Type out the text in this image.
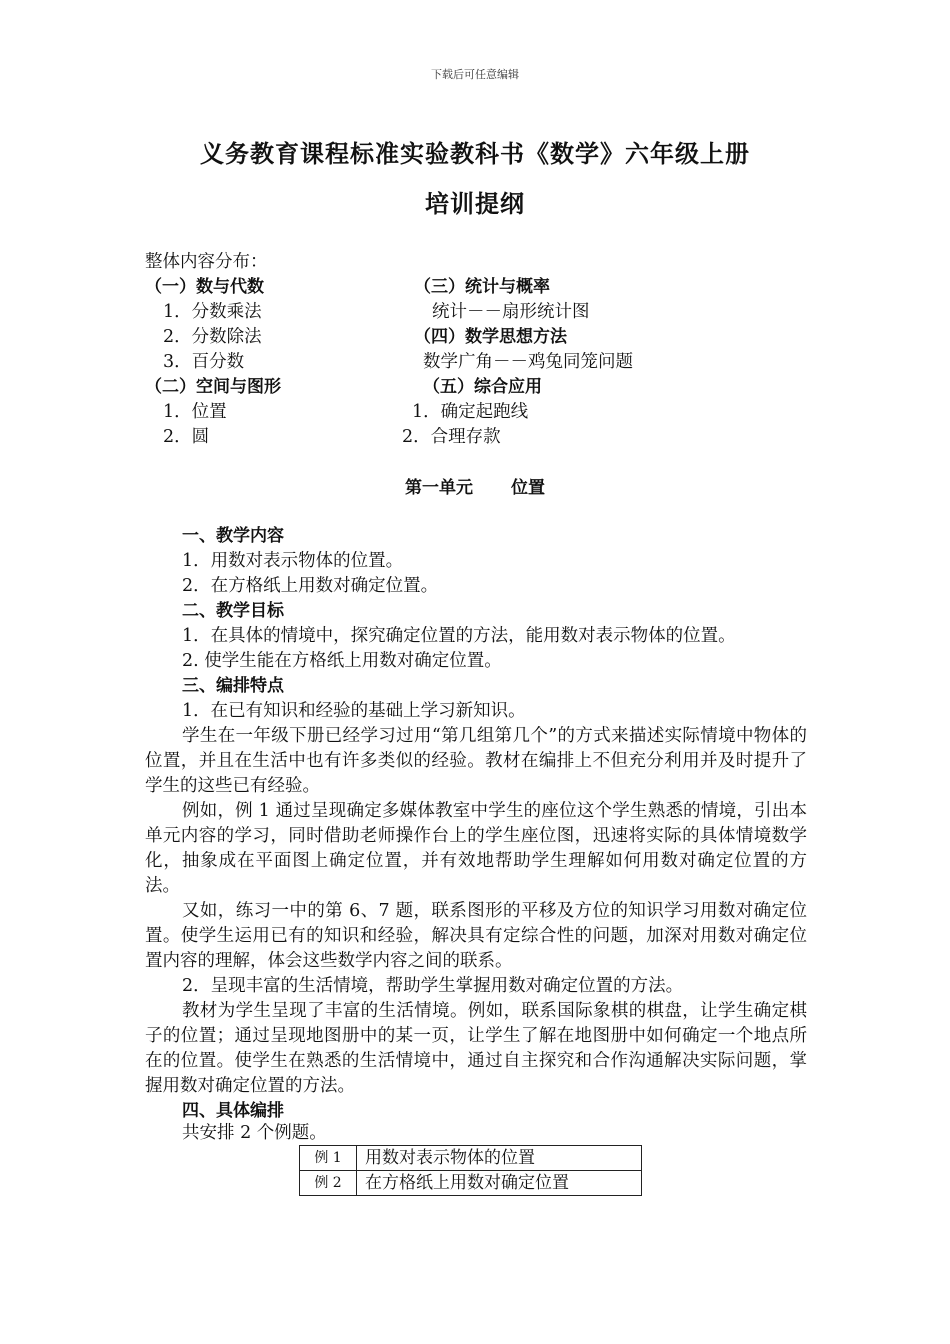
下载后可任意编辑
义务教育课程标准实验教科书《数学》六年级上册
培训提纲
整体内容分布：
（一）数与代数
1．分数乘法
2．分数除法
3．百分数
（二）空间与图形
1．位置
2．圆
（三）统计与概率
统计－－扇形统计图
（四）数学思想方法
数学广角－－鸡兔同笼问题
（五）综合应用
1．确定起跑线
2．合理存款
第一单元 位置
一、教学内容
1．用数对表示物体的位置。
2．在方格纸上用数对确定位置。
二、教学目标
1．在具体的情境中，探究确定位置的方法，能用数对表示物体的位置。
2. 使学生能在方格纸上用数对确定位置。
三、编排特点
1．在已有知识和经验的基础上学习新知识。

学生在一年级下册已经学习过用“第几组第几个”的方式来描述实际情境中物体的位置，并且在生活中也有许多类似的经验。教材在编排上不但充分利用并及时提升了学生的这些已有经验。

例如，例 1 通过呈现确定多媒体教室中学生的座位这个学生熟悉的情境，引出本单元内容的学习，同时借助老师操作台上的学生座位图，迅速将实际的具体情境数学化，抽象成在平面图上确定位置，并有效地帮助学生理解如何用数对确定位置的方法。

又如，练习一中的第 6、7 题，联系图形的平移及方位的知识学习用数对确定位置。使学生运用已有的知识和经验，解决具有定综合性的问题，加深对用数对确定位置内容的理解，体会这些数学内容之间的联系。

2．呈现丰富的生活情境，帮助学生掌握用数对确定位置的方法。

教材为学生呈现了丰富的生活情境。例如，联系国际象棋的棋盘，让学生确定棋子的位置；通过呈现地图册中的某一页，让学生了解在地图册中如何确定一个地点所在的位置。使学生在熟悉的生活情境中，通过自主探究和合作沟通解决实际问题，掌握用数对确定位置的方法。

四、具体编排
共安排 2 个例题。
例 1	用数对表示物体的位置
例 2	在方格纸上用数对确定位置
